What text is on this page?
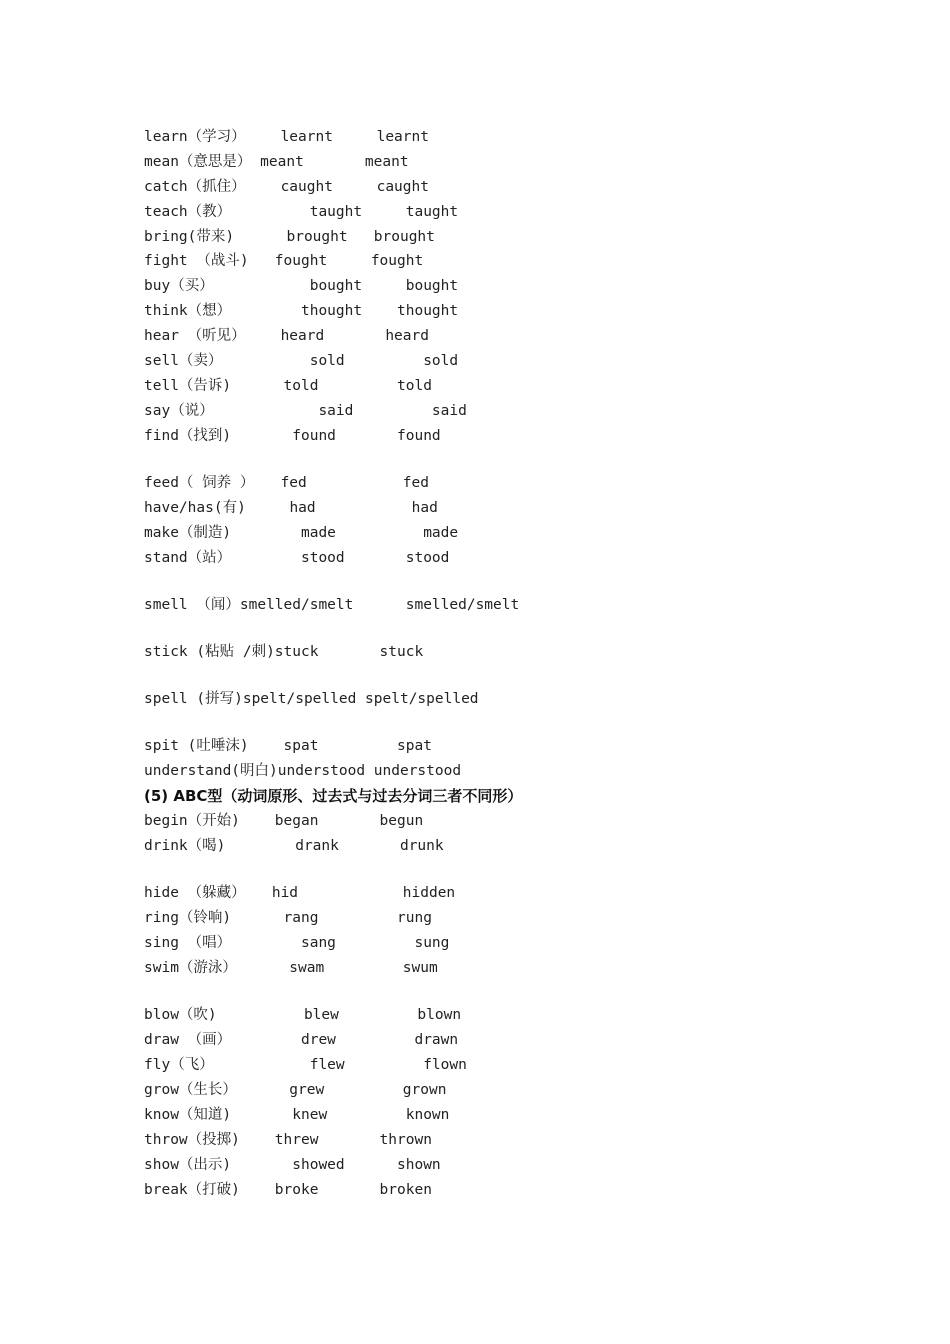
learn（学习）    learnt     learnt
mean（意思是） meant       meant
catch（抓住）    caught     caught
teach（教）         taught     taught
bring(带来)      brought   brought
fight （战斗)   fought     fought
buy（买）           bought     bought
think（想）        thought    thought
hear （听见）    heard       heard
sell（卖）          sold         sold
tell（告诉)      told         told
say（说）            said         said
find（找到)       found       found
feed（ 饲养 ）   fed           fed
have/has(有)     had           had
make（制造)        made          made
stand（站）        stood       stood
smell （闻）smelled/smelt      smelled/smelt
stick (粘贴 /刺)stuck       stuck
spell (拼写)spelt/spelled spelt/spelled
spit (吐唾沫)    spat         spat
understand(明白)understood understood
(5) ABC型（动词原形、过去式与过去分词三者不同形）
begin（开始)    began       begun
drink（喝)        drank       drunk
hide （躲藏）   hid            hidden
ring（铃响)      rang         rung
sing （唱）        sang         sung
swim（游泳）      swam         swum
blow（吹)          blew         blown
draw （画）        drew         drawn
fly（飞）           flew         flown
grow（生长）      grew         grown
know（知道)       knew         known
throw（投掷)    threw       thrown
show（出示)       showed      shown
break（打破)    broke       broken
